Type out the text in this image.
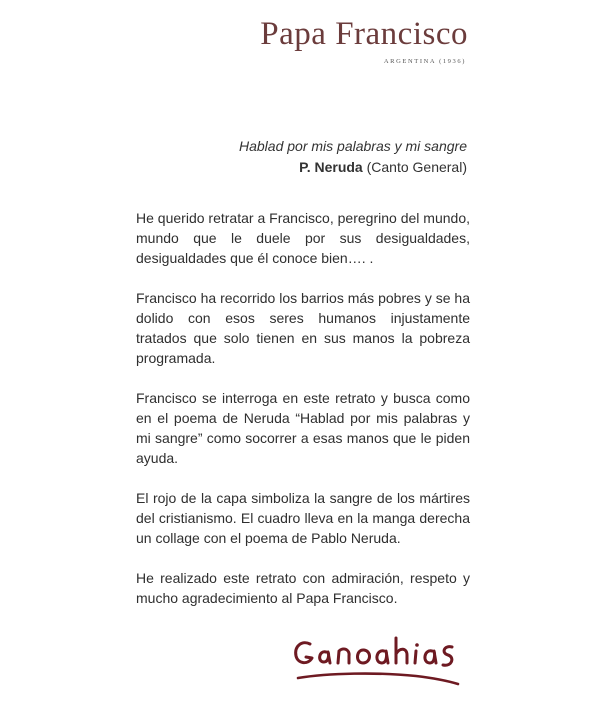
Papa Francisco
ARGENTINA (1936)
Hablad por mis palabras y mi sangre
P. Neruda (Canto General)

He querido retratar a Francisco, peregrino del mundo, mundo que le duele por sus desigualdades, desigualdades que él conoce bien…. .

Francisco ha recorrido los barrios más pobres y se ha dolido con esos seres humanos injustamente tratados que solo tienen en sus manos la pobreza programada.

Francisco se interroga en este retrato y busca como en el poema de Neruda “Hablad por mis palabras y mi sangre” como socorrer a esas manos que le piden ayuda.

El rojo de la capa simboliza la sangre de los mártires del cristianismo. El cuadro lleva en la manga derecha un collage con el poema de Pablo Neruda.

He realizado este retrato con admiración, respeto y mucho agradecimiento al Papa Francisco.
